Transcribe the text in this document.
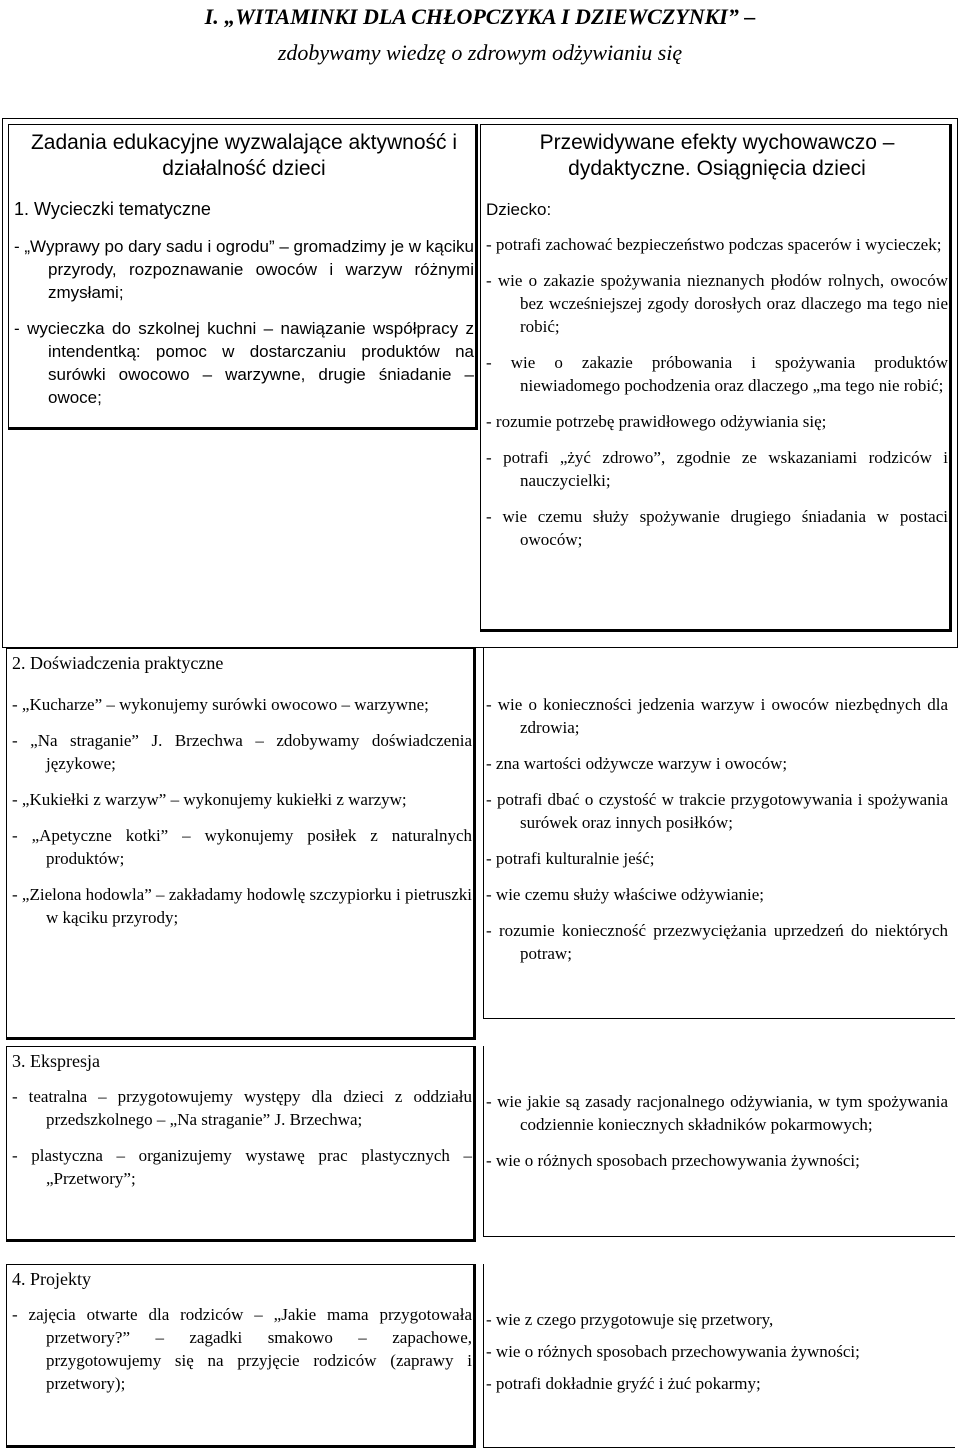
I. „WITAMINKI DLA CHŁOPCZYKA I DZIEWCZYNKI” –
zdobywamy wiedzę o zdrowym odżywianiu się
Zadania edukacyjne wyzwalające aktywność i działalność dzieci
1. Wycieczki tematyczne
- „Wyprawy po dary sadu i ogrodu” – gromadzimy je w kąciku przyrody, rozpoznawanie owoców i warzyw różnymi zmysłami;
- wycieczka do szkolnej kuchni – nawiązanie współpracy z intendentką: pomoc w dostarczaniu produktów na surówki owocowo – warzywne, drugie śniadanie – owoce;
Przewidywane efekty wychowawczo – dydaktyczne. Osiągnięcia dzieci
Dziecko:
- potrafi zachować bezpieczeństwo podczas spacerów i wycieczek;
- wie o zakazie spożywania nieznanych płodów rolnych, owoców bez wcześniejszej zgody dorosłych oraz dlaczego ma tego nie robić;
- wie o zakazie próbowania i spożywania produktów niewiadomego pochodzenia oraz dlaczego „ma tego nie robić;
- rozumie potrzebę prawidłowego odżywiania się;
- potrafi „żyć zdrowo”, zgodnie ze wskazaniami rodziców i nauczycielki;
- wie czemu służy spożywanie drugiego śniadania w postaci owoców;
2. Doświadczenia praktyczne
- „Kucharze” – wykonujemy surówki owocowo – warzywne;
- „Na straganie” J. Brzechwa – zdobywamy doświadczenia językowe;
- „Kukiełki z warzyw” – wykonujemy kukiełki z warzyw;
- „Apetyczne kotki” – wykonujemy posiłek z naturalnych produktów;
- „Zielona hodowla” – zakładamy hodowlę szczypiorku i pietruszki w kąciku przyrody;
- wie o konieczności jedzenia warzyw i owoców niezbędnych dla zdrowia;
- zna wartości odżywcze warzyw i owoców;
- potrafi dbać o czystość w trakcie przygotowywania i spożywania surówek oraz innych posiłków;
- potrafi kulturalnie jeść;
- wie czemu służy właściwe odżywianie;
- rozumie konieczność przezwyciężania uprzedzeń do niektórych potraw;
3. Ekspresja
- teatralna – przygotowujemy występy dla dzieci z oddziału przedszkolnego – „Na straganie” J. Brzechwa;
- plastyczna – organizujemy wystawę prac plastycznych – „Przetwory”;
- wie jakie są zasady racjonalnego odżywiania, w tym spożywania codziennie koniecznych składników pokarmowych;
- wie o różnych sposobach przechowywania żywności;
4. Projekty
- zajęcia otwarte dla rodziców – „Jakie mama przygotowała przetwory?” – zagadki smakowo – zapachowe, przygotowujemy się na przyjęcie rodziców (zaprawy i przetwory);
- wie z czego przygotowuje się przetwory,
- wie o różnych sposobach przechowywania żywności;
- potrafi dokładnie gryźć i żuć pokarmy;
